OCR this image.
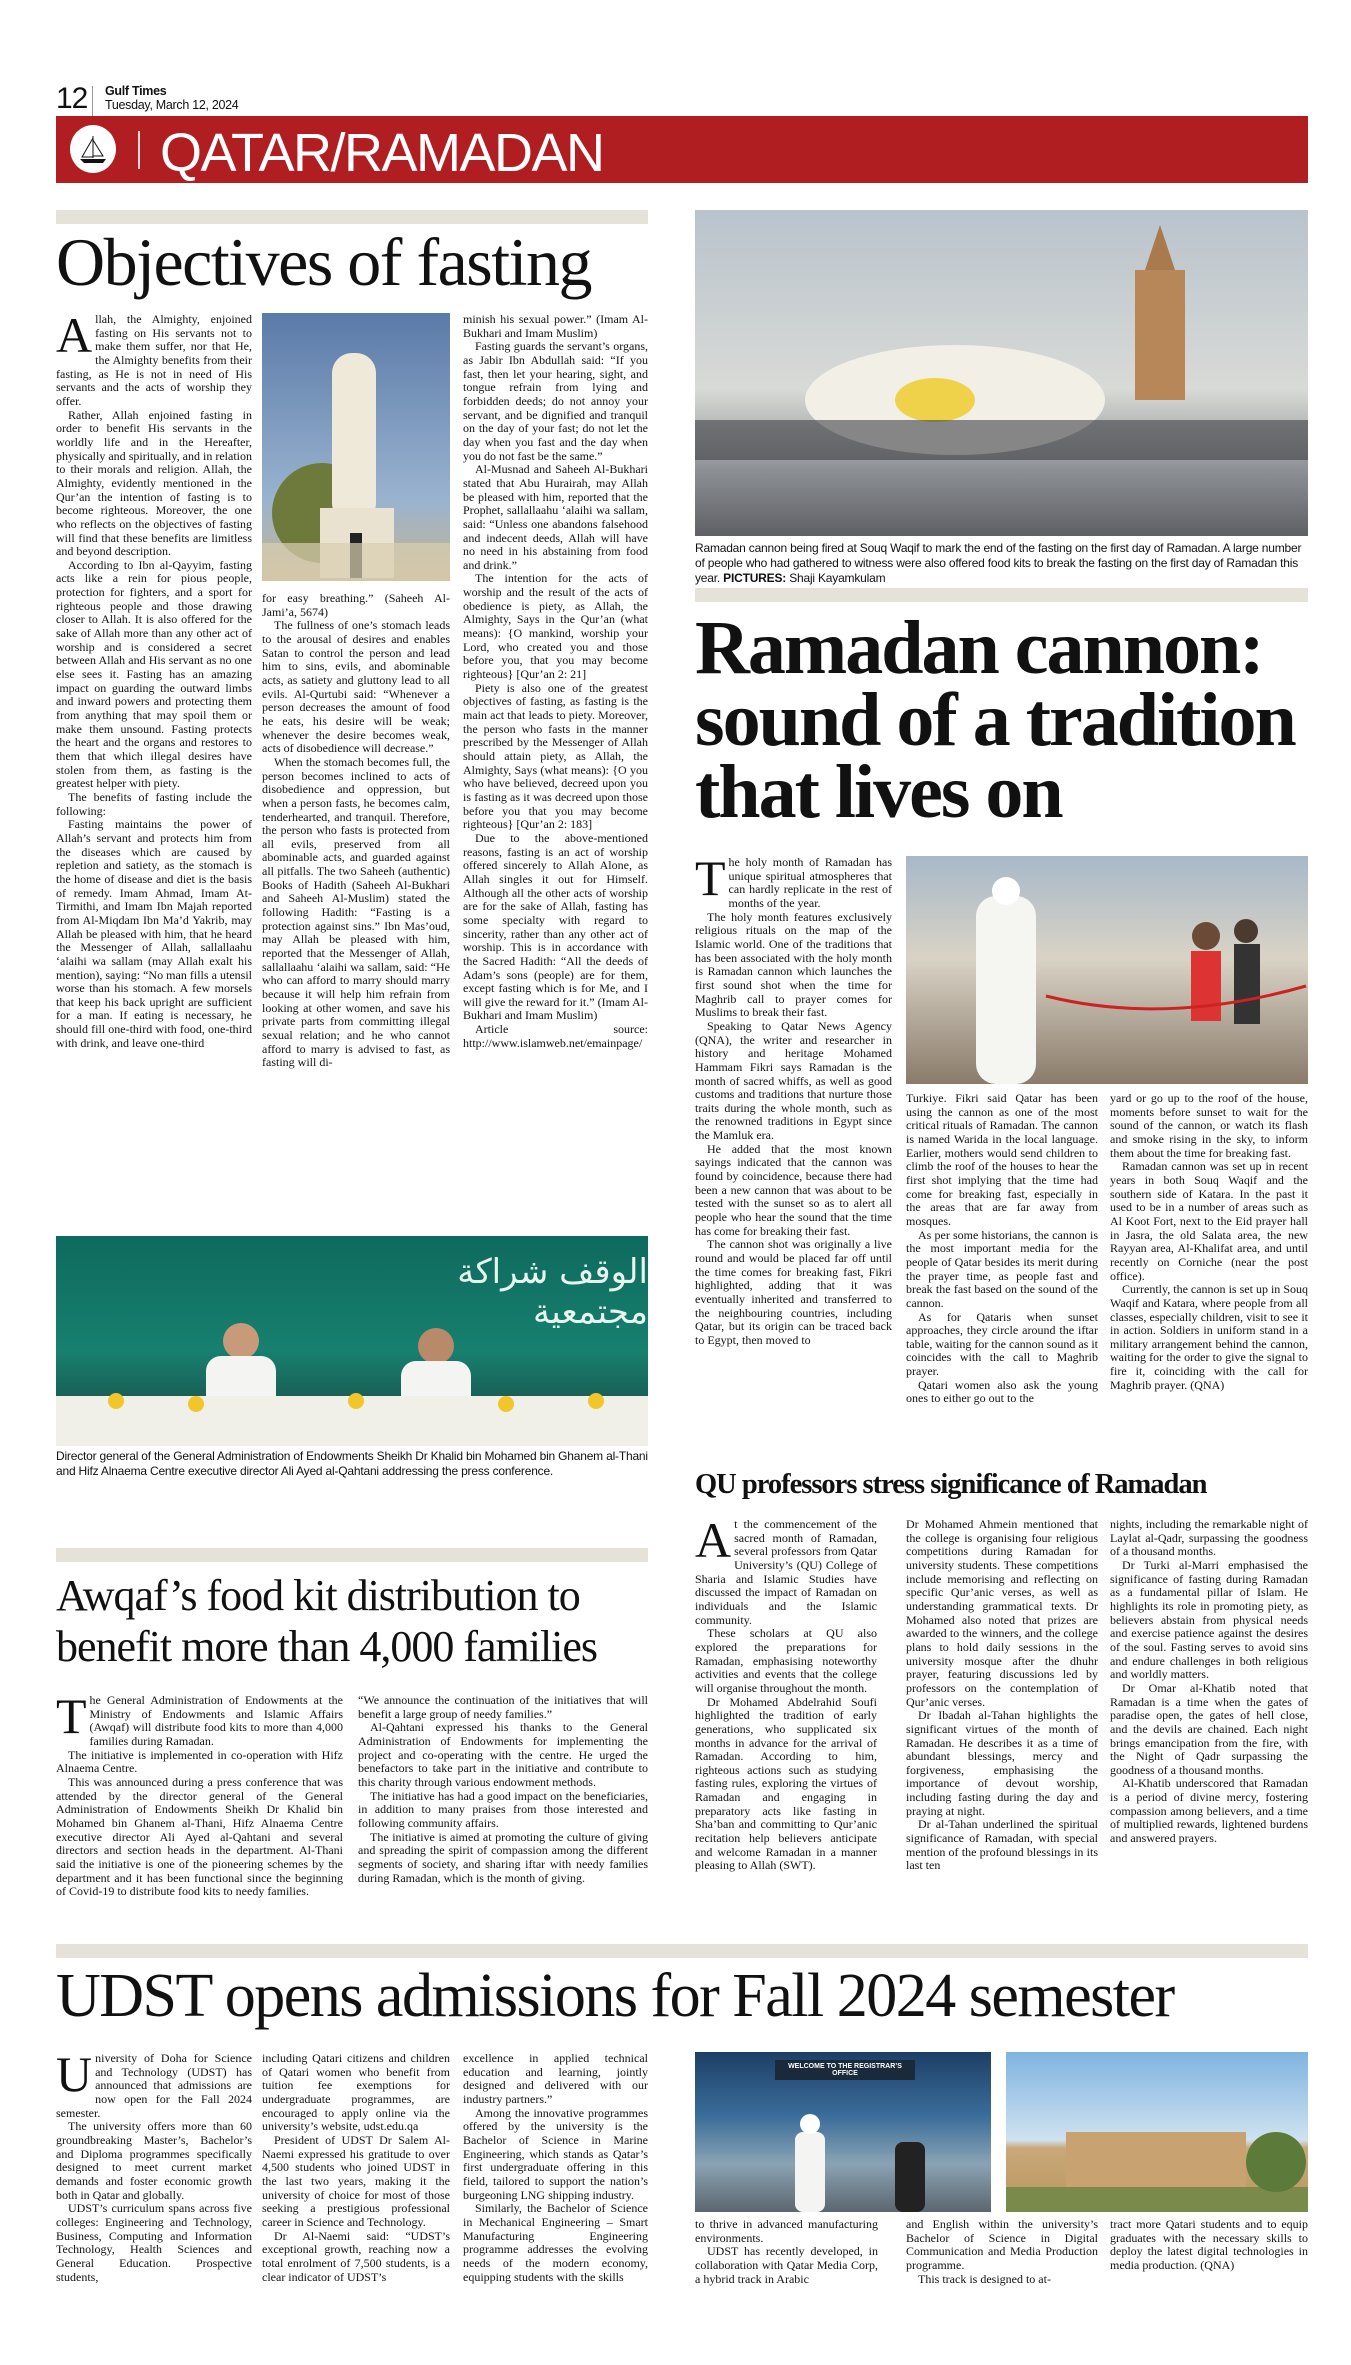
12 Gulf Times
Tuesday, March 12, 2024
QATAR/RAMADAN
Objectives of fasting

Allah, the Almighty, enjoined fasting on His servants not to make them suffer, nor that He, the Almighty benefits from their fasting, as He is not in need of His servants and the acts of worship they offer.

Rather, Allah enjoined fasting in order to benefit His servants in the worldly life and in the Hereafter, physically and spiritually, and in relation to their morals and religion. Allah, the Almighty, evidently mentioned in the Qur’an the intention of fasting is to become righteous. Moreover, the one who reflects on the objectives of fasting will find that these benefits are limitless and beyond description.

According to Ibn al-Qayyim, fasting acts like a rein for pious people, protection for fighters, and a sport for righteous people and those drawing closer to Allah. It is also offered for the sake of Allah more than any other act of worship and is considered a secret between Allah and His servant as no one else sees it. Fasting has an amazing impact on guarding the outward limbs and inward powers and protecting them from anything that may spoil them or make them unsound. Fasting protects the heart and the organs and restores to them that which illegal desires have stolen from them, as fasting is the greatest helper with piety.

The benefits of fasting include the following:

Fasting maintains the power of Allah’s servant and protects him from the diseases which are caused by repletion and satiety, as the stomach is the home of disease and diet is the basis of remedy. Imam Ahmad, Imam At-Tirmithi, and Imam Ibn Majah reported from Al-Miqdam Ibn Ma’d Yakrib, may Allah be pleased with him, that he heard the Messenger of Allah, sallallaahu ‘alaihi wa sallam (may Allah exalt his mention), saying: “No man fills a utensil worse than his stomach. A few morsels that keep his back upright are sufficient for a man. If eating is necessary, he should fill one-third with food, one-third with drink, and leave one-third

for easy breathing.” (Saheeh Al-Jami’a, 5674)

The fullness of one’s stomach leads to the arousal of desires and enables Satan to control the person and lead him to sins, evils, and abominable acts, as satiety and gluttony lead to all evils. Al-Qurtubi said: “Whenever a person decreases the amount of food he eats, his desire will be weak; whenever the desire becomes weak, acts of disobedience will decrease.”

When the stomach becomes full, the person becomes inclined to acts of disobedience and oppression, but when a person fasts, he becomes calm, tenderhearted, and tranquil. Therefore, the person who fasts is protected from all evils, preserved from all abominable acts, and guarded against all pitfalls. The two Saheeh (authentic) Books of Hadith (Saheeh Al-Bukhari and Saheeh Al-Muslim) stated the following Hadith: “Fasting is a protection against sins.” Ibn Mas’oud, may Allah be pleased with him, reported that the Messenger of Allah, sallallaahu ‘alaihi wa sallam, said: “He who can afford to marry should marry because it will help him refrain from looking at other women, and save his private parts from committing illegal sexual relation; and he who cannot afford to marry is advised to fast, as fasting will di-

minish his sexual power.” (Imam Al-Bukhari and Imam Muslim)

Fasting guards the servant’s organs, as Jabir Ibn Abdullah said: “If you fast, then let your hearing, sight, and tongue refrain from lying and forbidden deeds; do not annoy your servant, and be dignified and tranquil on the day of your fast; do not let the day when you fast and the day when you do not fast be the same.”

Al-Musnad and Saheeh Al-Bukhari stated that Abu Hurairah, may Allah be pleased with him, reported that the Prophet, sallallaahu ‘alaihi wa sallam, said: “Unless one abandons falsehood and indecent deeds, Allah will have no need in his abstaining from food and drink.”

The intention for the acts of worship and the result of the acts of obedience is piety, as Allah, the Almighty, Says in the Qur’an (what means): {O mankind, worship your Lord, who created you and those before you, that you may become righteous} [Qur’an 2: 21]

Piety is also one of the greatest objectives of fasting, as fasting is the main act that leads to piety. Moreover, the person who fasts in the manner prescribed by the Messenger of Allah should attain piety, as Allah, the Almighty, Says (what means): {O you who have believed, decreed upon you is fasting as it was decreed upon those before you that you may become righteous} [Qur’an 2: 183]

Due to the above-mentioned reasons, fasting is an act of worship offered sincerely to Allah Alone, as Allah singles it out for Himself. Although all the other acts of worship are for the sake of Allah, fasting has some specialty with regard to sincerity, rather than any other act of worship. This is in accordance with the Sacred Hadith: “All the deeds of Adam’s sons (people) are for them, except fasting which is for Me, and I will give the reward for it.” (Imam Al-Bukhari and Imam Muslim)

Article source: http://www.islamweb.net/emainpage/

Ramadan cannon being fired at Souq Waqif to mark the end of the fasting on the first day of Ramadan. A large number of people who had gathered to witness were also offered food kits to break the fasting on the first day of Ramadan this year. PICTURES: Shaji Kayamkulam
Ramadan cannon: sound of a tradition that lives on

The holy month of Ramadan has unique spiritual atmospheres that can hardly replicate in the rest of months of the year.

The holy month features exclusively religious rituals on the map of the Islamic world. One of the traditions that has been associated with the holy month is Ramadan cannon which launches the first sound shot when the time for Maghrib call to prayer comes for Muslims to break their fast.

Speaking to Qatar News Agency (QNA), the writer and researcher in history and heritage Mohamed Hammam Fikri says Ramadan is the month of sacred whiffs, as well as good customs and traditions that nurture those traits during the whole month, such as the renowned traditions in Egypt since the Mamluk era.

He added that the most known sayings indicated that the cannon was found by coincidence, because there had been a new cannon that was about to be tested with the sunset so as to alert all people who hear the sound that the time has come for breaking their fast.

The cannon shot was originally a live round and would be placed far off until the time comes for breaking fast, Fikri highlighted, adding that it was eventually inherited and transferred to the neighbouring countries, including Qatar, but its origin can be traced back to Egypt, then moved to

Turkiye. Fikri said Qatar has been using the cannon as one of the most critical rituals of Ramadan. The cannon is named Warida in the local language. Earlier, mothers would send children to climb the roof of the houses to hear the first shot implying that the time had come for breaking fast, especially in the areas that are far away from mosques.

As per some historians, the cannon is the most important media for the people of Qatar besides its merit during the prayer time, as people fast and break the fast based on the sound of the cannon.

As for Qataris when sunset approaches, they circle around the iftar table, waiting for the cannon sound as it coincides with the call to Maghrib prayer.

Qatari women also ask the young ones to either go out to the

yard or go up to the roof of the house, moments before sunset to wait for the sound of the cannon, or watch its flash and smoke rising in the sky, to inform them about the time for breaking fast.

Ramadan cannon was set up in recent years in both Souq Waqif and the southern side of Katara. In the past it used to be in a number of areas such as Al Koot Fort, next to the Eid prayer hall in Jasra, the old Salata area, the new Rayyan area, Al-Khalifat area, and until recently on Corniche (near the post office).

Currently, the cannon is set up in Souq Waqif and Katara, where people from all classes, especially children, visit to see it in action. Soldiers in uniform stand in a military arrangement behind the cannon, waiting for the order to give the signal to fire it, coinciding with the call for Maghrib prayer. (QNA)

الوقف شراكة مجتمعية
Director general of the General Administration of Endowments Sheikh Dr Khalid bin Mohamed bin Ghanem al-Thani and Hifz Alnaema Centre executive director Ali Ayed al-Qahtani addressing the press conference.
Awqaf’s food kit distribution to benefit more than 4,000 families

The General Administration of Endowments at the Ministry of Endowments and Islamic Affairs (Awqaf) will distribute food kits to more than 4,000 families during Ramadan.

The initiative is implemented in co-operation with Hifz Alnaema Centre.

This was announced during a press conference that was attended by the director general of the General Administration of Endowments Sheikh Dr Khalid bin Mohamed bin Ghanem al-Thani, Hifz Alnaema Centre executive director Ali Ayed al-Qahtani and several directors and section heads in the department. Al-Thani said the initiative is one of the pioneering schemes by the department and it has been functional since the beginning of Covid-19 to distribute food kits to needy families.

“We announce the continuation of the initiatives that will benefit a large group of needy families.”

Al-Qahtani expressed his thanks to the General Administration of Endowments for implementing the project and co-operating with the centre. He urged the benefactors to take part in the initiative and contribute to this charity through various endowment methods.

The initiative has had a good impact on the beneficiaries, in addition to many praises from those interested and following community affairs.

The initiative is aimed at promoting the culture of giving and spreading the spirit of compassion among the different segments of society, and sharing iftar with needy families during Ramadan, which is the month of giving.

QU professors stress significance of Ramadan

At the commencement of the sacred month of Ramadan, several professors from Qatar University’s (QU) College of Sharia and Islamic Studies have discussed the impact of Ramadan on individuals and the Islamic community.

These scholars at QU also explored the preparations for Ramadan, emphasising noteworthy activities and events that the college will organise throughout the month.

Dr Mohamed Abdelrahid Soufi highlighted the tradition of early generations, who supplicated six months in advance for the arrival of Ramadan. According to him, righteous actions such as studying fasting rules, exploring the virtues of Ramadan and engaging in preparatory acts like fasting in Sha’ban and committing to Qur’anic recitation help believers anticipate and welcome Ramadan in a manner pleasing to Allah (SWT).

Dr Mohamed Ahmein mentioned that the college is organising four religious competitions during Ramadan for university students. These competitions include memorising and reflecting on specific Qur’anic verses, as well as understanding grammatical texts. Dr Mohamed also noted that prizes are awarded to the winners, and the college plans to hold daily sessions in the university mosque after the dhuhr prayer, featuring discussions led by professors on the contemplation of Qur’anic verses.

Dr Ibadah al-Tahan highlights the significant virtues of the month of Ramadan. He describes it as a time of abundant blessings, mercy and forgiveness, emphasising the importance of devout worship, including fasting during the day and praying at night.

Dr al-Tahan underlined the spiritual significance of Ramadan, with special mention of the profound blessings in its last ten

nights, including the remarkable night of Laylat al-Qadr, surpassing the goodness of a thousand months.

Dr Turki al-Marri emphasised the significance of fasting during Ramadan as a fundamental pillar of Islam. He highlights its role in promoting piety, as believers abstain from physical needs and exercise patience against the desires of the soul. Fasting serves to avoid sins and endure challenges in both religious and worldly matters.

Dr Omar al-Khatib noted that Ramadan is a time when the gates of paradise open, the gates of hell close, and the devils are chained. Each night brings emancipation from the fire, with the Night of Qadr surpassing the goodness of a thousand months.

Al-Khatib underscored that Ramadan is a period of divine mercy, fostering compassion among believers, and a time of multiplied rewards, lightened burdens and answered prayers.

UDST opens admissions for Fall 2024 semester

University of Doha for Science and Technology (UDST) has announced that admissions are now open for the Fall 2024 semester.

The university offers more than 60 groundbreaking Master’s, Bachelor’s and Diploma programmes specifically designed to meet current market demands and foster economic growth both in Qatar and globally.

UDST’s curriculum spans across five colleges: Engineering and Technology, Business, Computing and Information Technology, Health Sciences and General Education. Prospective students,

including Qatari citizens and children of Qatari women who benefit from tuition fee exemptions for undergraduate programmes, are encouraged to apply online via the university’s website, udst.edu.qa

President of UDST Dr Salem Al-Naemi expressed his gratitude to over 4,500 students who joined UDST in the last two years, making it the university of choice for most of those seeking a prestigious professional career in Science and Technology.

Dr Al-Naemi said: “UDST’s exceptional growth, reaching now a total enrolment of 7,500 students, is a clear indicator of UDST’s

excellence in applied technical education and learning, jointly designed and delivered with our industry partners.”

Among the innovative programmes offered by the university is the Bachelor of Science in Marine Engineering, which stands as Qatar’s first undergraduate offering in this field, tailored to support the nation’s burgeoning LNG shipping industry.

Similarly, the Bachelor of Science in Mechanical Engineering – Smart Manufacturing Engineering programme addresses the evolving needs of the modern economy, equipping students with the skills

WELCOME TO THE REGISTRAR’S OFFICE

to thrive in advanced manufacturing environments.

UDST has recently developed, in collaboration with Qatar Media Corp, a hybrid track in Arabic

and English within the university’s Bachelor of Science in Digital Communication and Media Production programme.

This track is designed to at-

tract more Qatari students and to equip graduates with the necessary skills to deploy the latest digital technologies in media production. (QNA)
